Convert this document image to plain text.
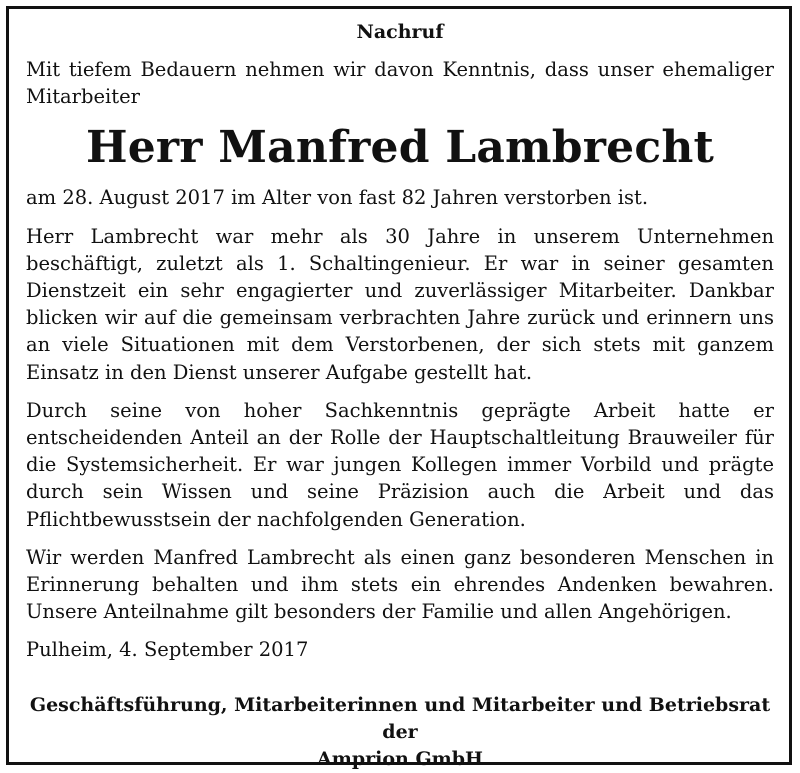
Nachruf

Mit tiefem Bedauern nehmen wir davon Kenntnis, dass unser ehemaliger Mitarbeiter

Herr Manfred Lambrecht

am 28. August 2017 im Alter von fast 82 Jahren verstorben ist.

Herr Lambrecht war mehr als 30 Jahre in unserem Unternehmen beschäftigt, zuletzt als 1. Schaltingenieur. Er war in seiner gesamten Dienstzeit ein sehr engagierter und zuverlässiger Mitarbeiter. Dankbar blicken wir auf die gemeinsam verbrachten Jahre zurück und erinnern uns an viele Situationen mit dem Verstorbenen, der sich stets mit ganzem Einsatz in den Dienst unserer Aufgabe gestellt hat.

Durch seine von hoher Sachkenntnis geprägte Arbeit hatte er entscheidenden Anteil an der Rolle der Hauptschaltleitung Brauweiler für die Systemsicherheit. Er war jungen Kollegen immer Vorbild und prägte durch sein Wissen und seine Präzision auch die Arbeit und das Pflichtbewusstsein der nachfolgenden Generation.

Wir werden Manfred Lambrecht als einen ganz besonderen Menschen in Erinnerung behalten und ihm stets ein ehrendes Andenken bewahren. Unsere Anteilnahme gilt besonders der Familie und allen Angehörigen.

Pulheim, 4. September 2017

Geschäftsführung, Mitarbeiterinnen und Mitarbeiter und Betriebsrat der
Amprion GmbH
